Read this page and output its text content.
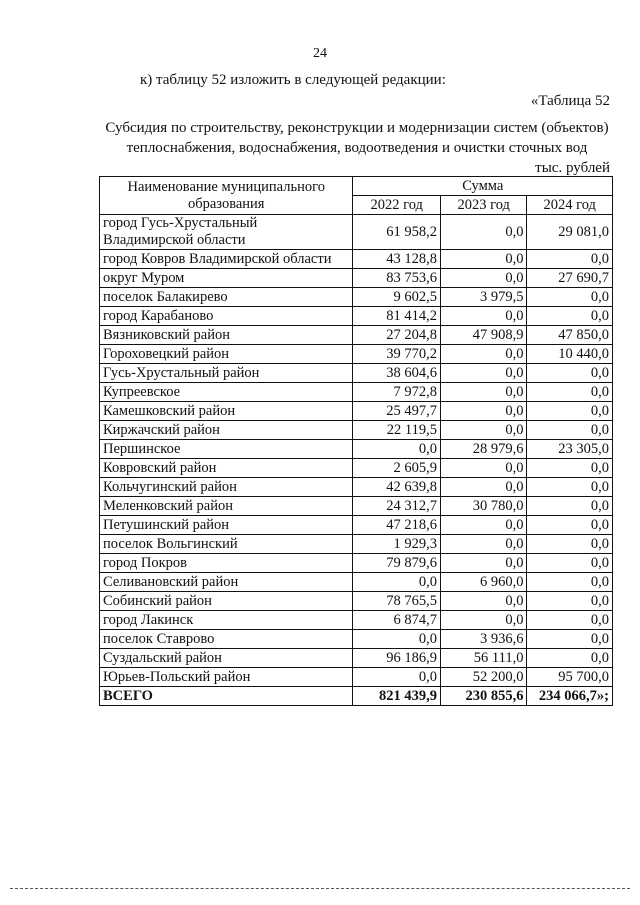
24
к) таблицу 52 изложить в следующей редакции:
«Таблица 52
Субсидия по строительству, реконструкции и модернизации систем (объектов)
теплоснабжения, водоснабжения, водоотведения и очистки сточных вод
тыс. рублей
Наименование муниципального образования	Сумма		
	2022 год	2023 год	2024 год
город Гусь-Хрустальный Владимирской области	61 958,2	0,0	29 081,0
город Ковров Владимирской области	43 128,8	0,0	0,0
округ Муром	83 753,6	0,0	27 690,7
поселок Балакирево	9 602,5	3 979,5	0,0
город Карабаново	81 414,2	0,0	0,0
Вязниковский район	27 204,8	47 908,9	47 850,0
Гороховецкий район	39 770,2	0,0	10 440,0
Гусь-Хрустальный район	38 604,6	0,0	0,0
Купреевское	7 972,8	0,0	0,0
Камешковский район	25 497,7	0,0	0,0
Киржачский район	22 119,5	0,0	0,0
Першинское	0,0	28 979,6	23 305,0
Ковровский район	2 605,9	0,0	0,0
Кольчугинский район	42 639,8	0,0	0,0
Меленковский район	24 312,7	30 780,0	0,0
Петушинский район	47 218,6	0,0	0,0
поселок Вольгинский	1 929,3	0,0	0,0
город Покров	79 879,6	0,0	0,0
Селивановский район	0,0	6 960,0	0,0
Собинский район	78 765,5	0,0	0,0
город Лакинск	6 874,7	0,0	0,0
поселок Ставрово	0,0	3 936,6	0,0
Суздальский район	96 186,9	56 111,0	0,0
Юрьев-Польский район	0,0	52 200,0	95 700,0
ВСЕГО	821 439,9	230 855,6	234 066,7»;
